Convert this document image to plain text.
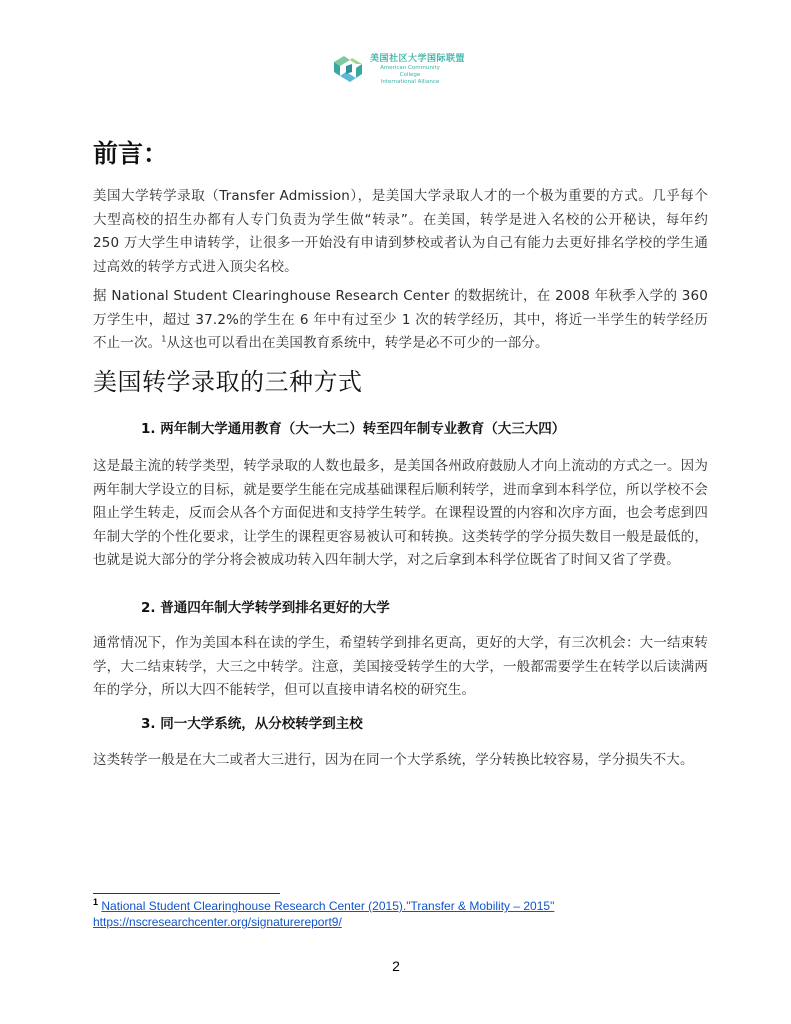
美国社区大学国际联盟
American Community College
International Alliance
前言：

美国大学转学录取（Transfer Admission），是美国大学录取人才的一个极为重要的方式。几乎每个大型高校的招生办都有人专门负责为学生做“转录”。在美国，转学是进入名校的公开秘诀，每年约 250 万大学生申请转学，让很多一开始没有申请到梦校或者认为自己有能力去更好排名学校的学生通过高效的转学方式进入顶尖名校。

据 National Student Clearinghouse Research Center 的数据统计，在 2008 年秋季入学的 360 万学生中，超过 37.2%的学生在 6 年中有过至少 1 次的转学经历，其中，将近一半学生的转学经历不止一次。$^1$从这也可以看出在美国教育系统中，转学是必不可少的一部分。

美国转学录取的三种方式
1. 两年制大学通用教育（大一大二）转至四年制专业教育（大三大四）

这是最主流的转学类型，转学录取的人数也最多，是美国各州政府鼓励人才向上流动的方式之一。因为两年制大学设立的目标，就是要学生能在完成基础课程后顺利转学，进而拿到本科学位，所以学校不会阻止学生转走，反而会从各个方面促进和支持学生转学。在课程设置的内容和次序方面，也会考虑到四年制大学的个性化要求，让学生的课程更容易被认可和转换。这类转学的学分损失数目一般是最低的，也就是说大部分的学分将会被成功转入四年制大学，对之后拿到本科学位既省了时间又省了学费。

2. 普通四年制大学转学到排名更好的大学

通常情况下，作为美国本科在读的学生，希望转学到排名更高，更好的大学，有三次机会：大一结束转学，大二结束转学，大三之中转学。注意，美国接受转学生的大学，一般都需要学生在转学以后读满两年的学分，所以大四不能转学，但可以直接申请名校的研究生。

3. 同一大学系统，从分校转学到主校

这类转学一般是在大二或者大三进行，因为在同一个大学系统，学分转换比较容易，学分损失不大。

$^1$ National Student Clearinghouse Research Center (2015)."Transfer & Mobility – 2015"
https://nscresearchcenter.org/signaturereport9/
2
